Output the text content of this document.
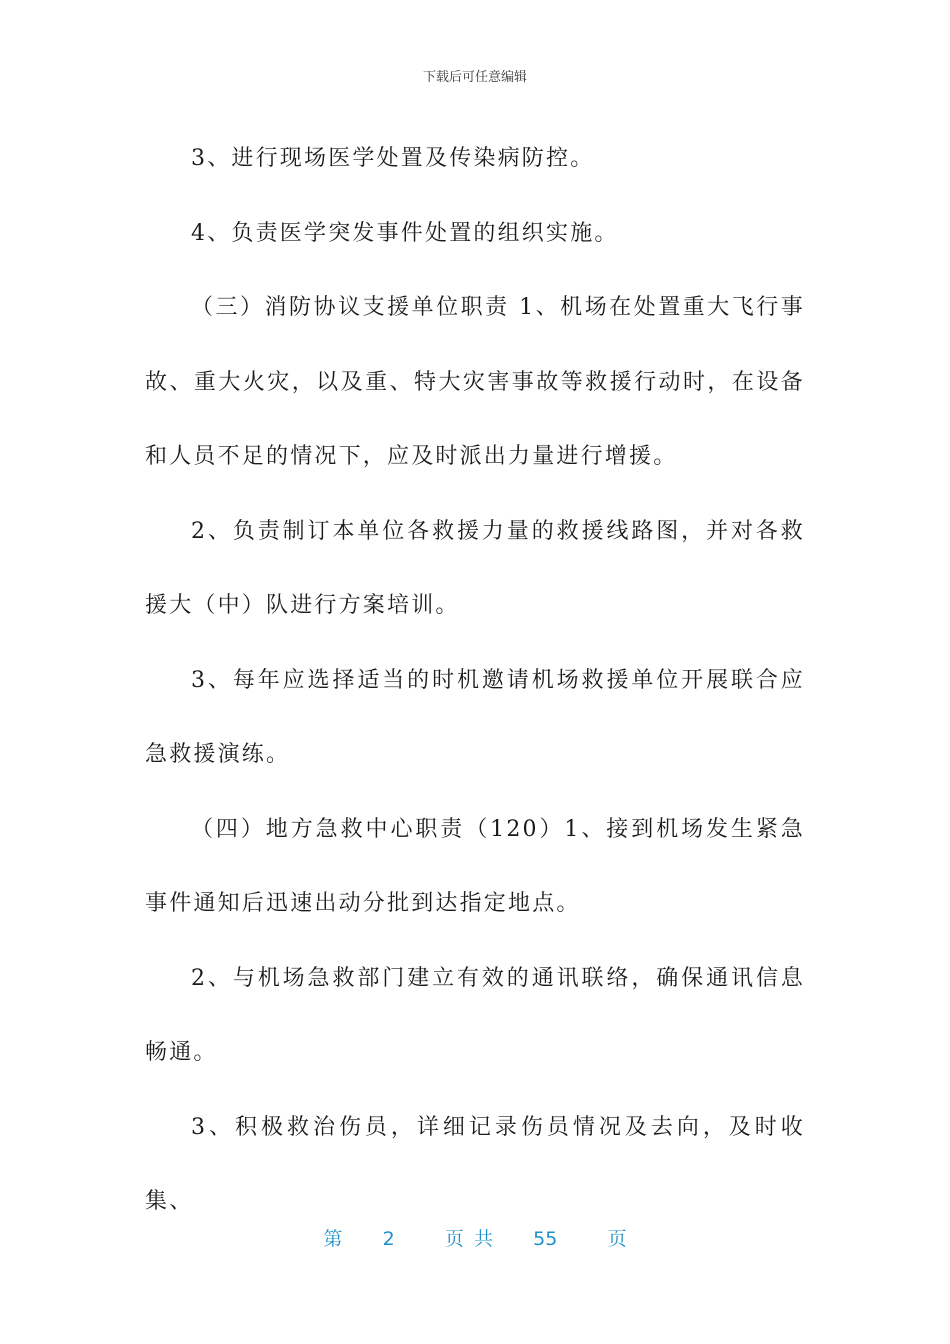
下载后可任意编辑

3、进行现场医学处置及传染病防控。

4、负责医学突发事件处置的组织实施。

（三）消防协议支援单位职责 1、机场在处置重大飞行事故、重大火灾，以及重、特大灾害事故等救援行动时，在设备和人员不足的情况下，应及时派出力量进行增援。

2、负责制订本单位各救援力量的救援线路图，并对各救援大（中）队进行方案培训。

3、每年应选择适当的时机邀请机场救援单位开展联合应急救援演练。

（四）地方急救中心职责（120）1、接到机场发生紧急事件通知后迅速出动分批到达指定地点。

2、与机场急救部门建立有效的通讯联络，确保通讯信息畅通。

3、积极救治伤员，详细记录伤员情况及去向，及时收集、

第 2	页 共 55	页
